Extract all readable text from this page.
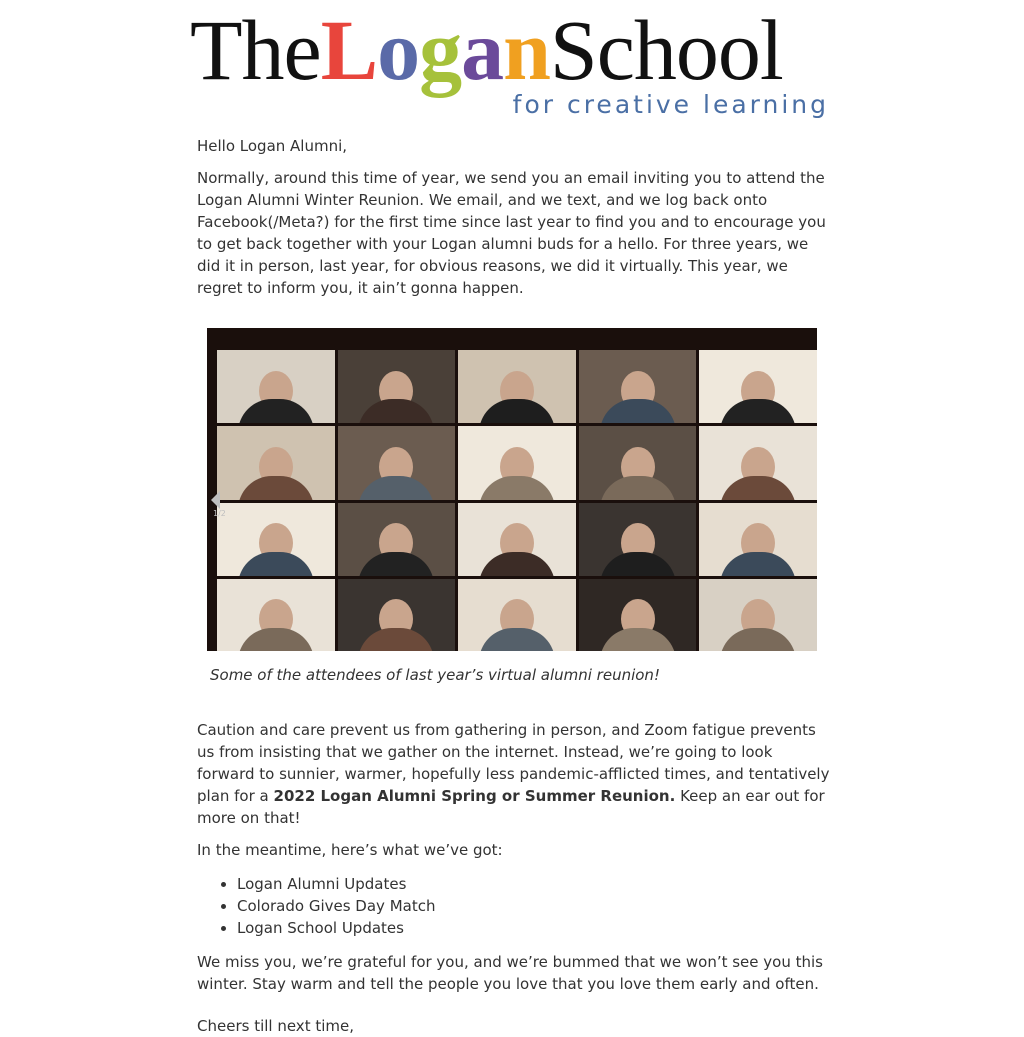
TheLoganSchool
for creative learning

Hello Logan Alumni,

Normally, around this time of year, we send you an email inviting you to attend the Logan Alumni Winter Reunion. We email, and we text, and we log back onto Facebook(/Meta?) for the first time since last year to find you and to encourage you to get back together with your Logan alumni buds for a hello. For three years, we did it in person, last year, for obvious reasons, we did it virtually. This year, we regret to inform you, it ain’t gonna happen.

1/2
Some of the attendees of last year’s virtual alumni reunion!

Caution and care prevent us from gathering in person, and Zoom fatigue prevents us from insisting that we gather on the internet. Instead, we’re going to look forward to sunnier, warmer, hopefully less pandemic-afflicted times, and tentatively plan for a 2022 Logan Alumni Spring or Summer Reunion. Keep an ear out for more on that!

In the meantime, here’s what we’ve got:

• Logan Alumni Updates
• Colorado Gives Day Match
• Logan School Updates

We miss you, we’re grateful for you, and we’re bummed that we won’t see you this winter. Stay warm and tell the people you love that you love them early and often.

Cheers till next time,
